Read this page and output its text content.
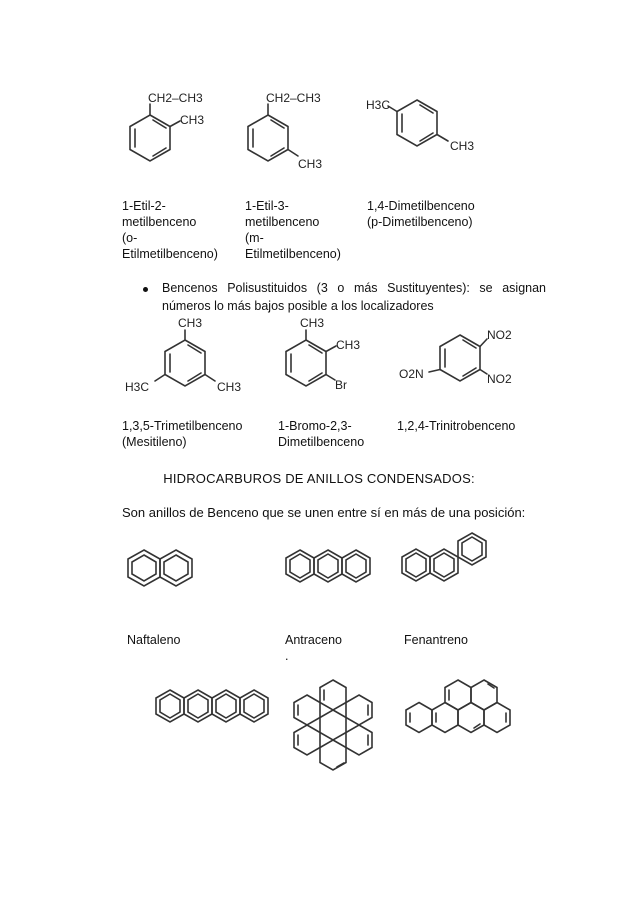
CH2–CH3
CH3
CH2–CH3
CH3
H3C
CH3
1-Etil-2-
metilbenceno
(o-
Etilmetilbenceno)
1-Etil-3-
metilbenceno
(m-
Etilmetilbenceno)
1,4-Dimetilbenceno
(p-Dimetilbenceno)
Bencenos Polisustituidos (3 o más Sustituyentes): se asignan números lo más bajos posible a los localizadores
CH3
H3C	CH3
CH3
CH3
Br
NO2
NO2
O2N
1,3,5-Trimetilbenceno
(Mesitileno)
1-Bromo-2,3-
Dimetilbenceno
1,2,4-Trinitrobenceno
HIDROCARBUROS DE ANILLOS CONDENSADOS:
Son anillos de Benceno que se unen entre sí en más de una posición:
Naftaleno	Antraceno
.
Fenantreno
